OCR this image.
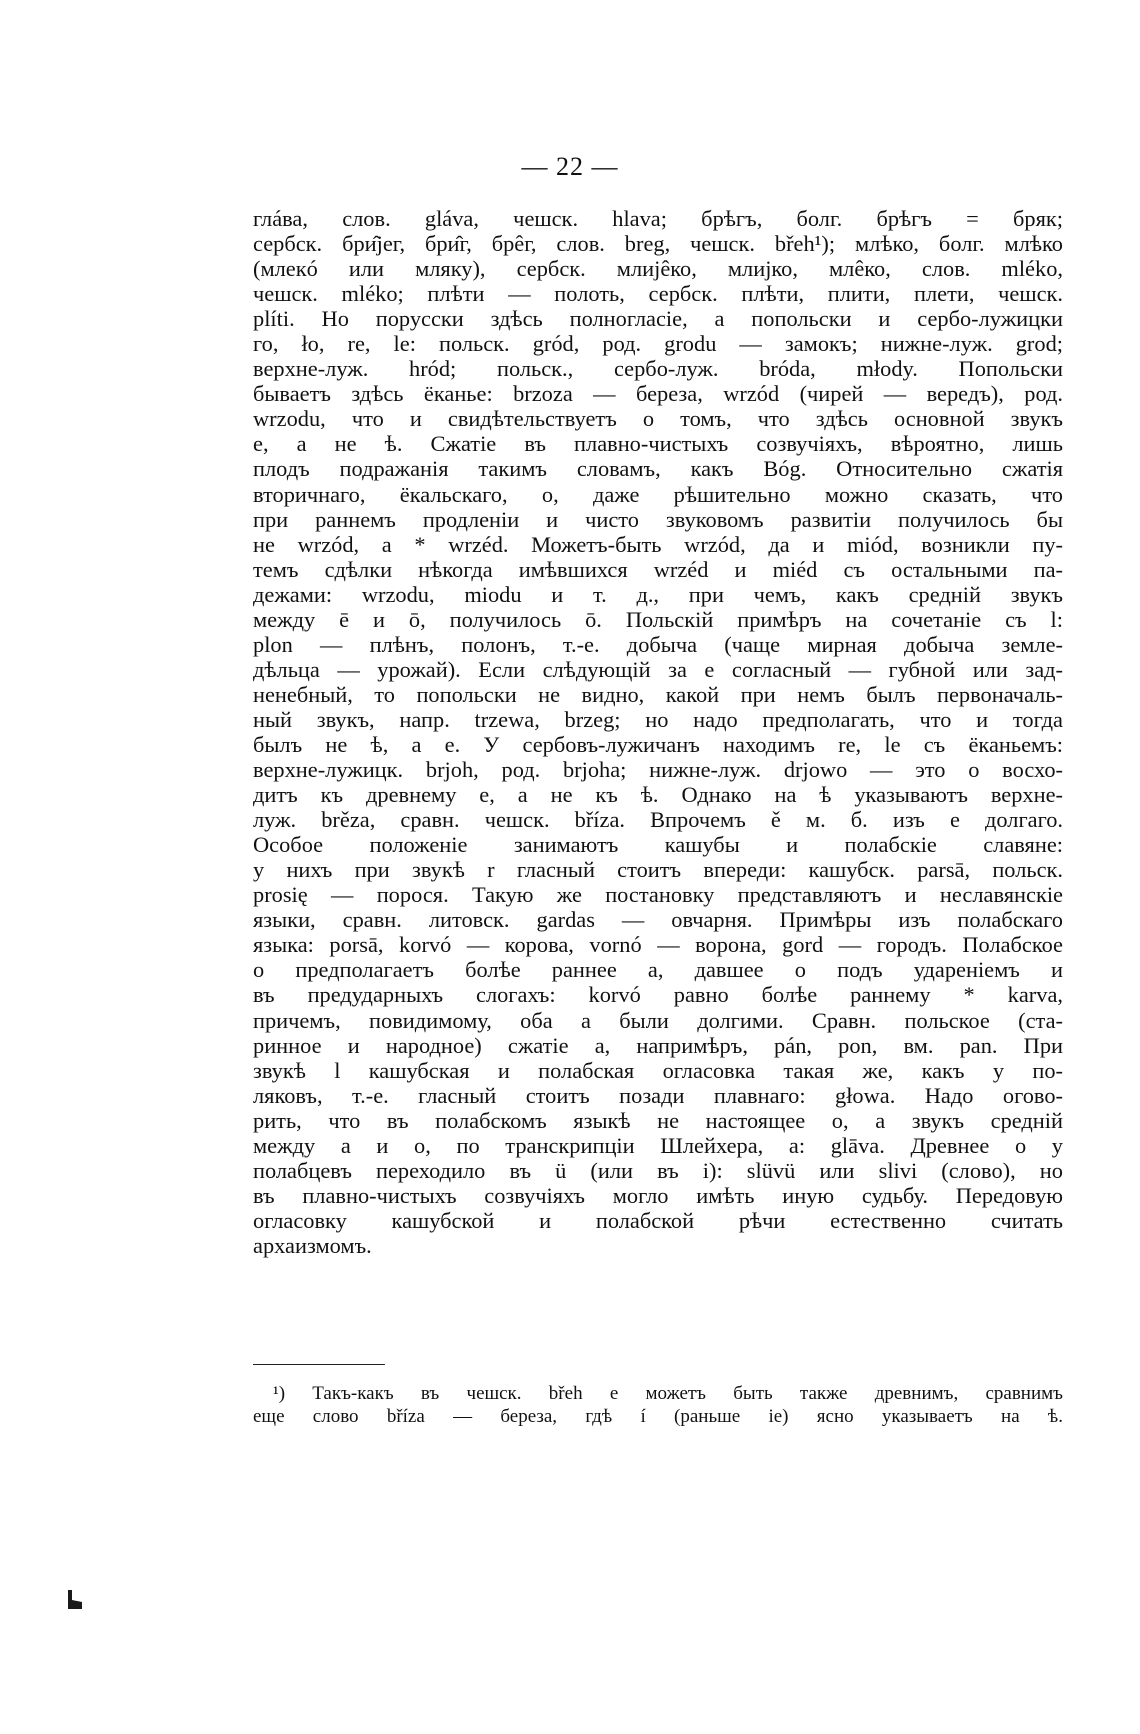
— 22 —
глáва, слов. gláva, чешск. hlava; брѣгъ, болг. брѣгъ = бряк;
сербск. бри̂јег, бри̂г, брêг, слов. breg, чешск. břeh¹); млѣко, болг. млѣко
(млекó или мляку), сербск. млиjêко, млиjко, млêко, слов. mléko,
чешск. mléko; плѣти — полоть, сербск. плѣти, плити, плети, чешск.
plíti. Но порусски здѣсь полногласіе, а попольски и сербо-лужицки
го, ło, re, le: польск. gród, род. grodu — замокъ; нижне-луж. grod;
верхне-луж. hród; польск., сербо-луж. bróda, młody. Попольски
бываетъ здѣсь ёканье: brzoza — береза, wrzód (чирей — вередъ), род.
wrzodu, что и свидѣтельствуетъ о томъ, что здѣсь основной звукъ
е, а не ѣ. Сжатіе въ плавно-чистыхъ созвучіяхъ, вѣроятно, лишь
плодъ подражанія такимъ словамъ, какъ Bóg. Относительно сжатія
вторичнаго, ёкальскаго, о, даже рѣшительно можно сказать, что
при раннемъ продленіи и чисто звуковомъ развитіи получилось бы
не wrzód, а * wrzéd. Можетъ-быть wrzód, да и miód, возникли пу-
темъ сдѣлки нѣкогда имѣвшихся wrzéd и miéd съ остальными па-
дежами: wrzodu, miodu и т. д., при чемъ, какъ средній звукъ
между ē и ō, получилось ō. Польскій примѣръ на сочетаніе съ l:
plon — плѣнъ, полонъ, т.-е. добыча (чаще мирная добыча земле-
дѣльца — урожай). Если слѣдующій за е согласный — губной или зад-
ненебный, то попольски не видно, какой при немъ былъ первоначаль-
ный звукъ, напр. trzewa, brzeg; но надо предполагать, что и тогда
былъ не ѣ, а е. У сербовъ-лужичанъ находимъ re, le съ ёканьемъ:
верхне-лужицк. brjoh, род. brjoha; нижне-луж. drjowo — это о восхо-
дитъ къ древнему е, а не къ ѣ. Однако на ѣ указываютъ верхне-
луж. brěza, сравн. чешск. bříza. Впрочемъ ě м. б. изъ е долгаго.
Особое положеніе занимаютъ кашубы и полабскіе славяне:
у нихъ при звукѣ r гласный стоитъ впереди: кашубск. parsā, польск.
prosię — порося. Такую же постановку представляютъ и неславянскіе
языки, сравн. литовск. gardas — овчарня. Примѣры изъ полабскаго
языка: porsā, korvó — корова, vornó — ворона, gord — городъ. Полабское
о предполагаетъ болѣе раннее а, давшее о подъ удареніемъ и
въ предударныхъ слогахъ: korvó равно болѣе раннему * karva,
причемъ, повидимому, оба а были долгими. Сравн. польское (ста-
ринное и народное) сжатіе а, напримѣръ, pán, pon, вм. pan. При
звукѣ l кашубская и полабская огласовка такая же, какъ у по-
ляковъ, т.-е. гласный стоитъ позади плавнаго: głowa. Надо огово-
рить, что въ полабскомъ языкѣ не настоящее о, а звукъ средній
между а и о, по транскрипціи Шлейхера, a: glāva. Древнее о у
полабцевъ переходило въ ü (или въ i): slüvü или slivi (слово), но
въ плавно-чистыхъ созвучіяхъ могло имѣть иную судьбу. Передовую
огласовку кашубской и полабской рѣчи естественно считать
архаизмомъ.
¹) Такъ-какъ въ чешск. břeh е можетъ быть также древнимъ, сравнимъ
еще слово bříza — береза, гдѣ í (раньше ie) ясно указываетъ на ѣ.
